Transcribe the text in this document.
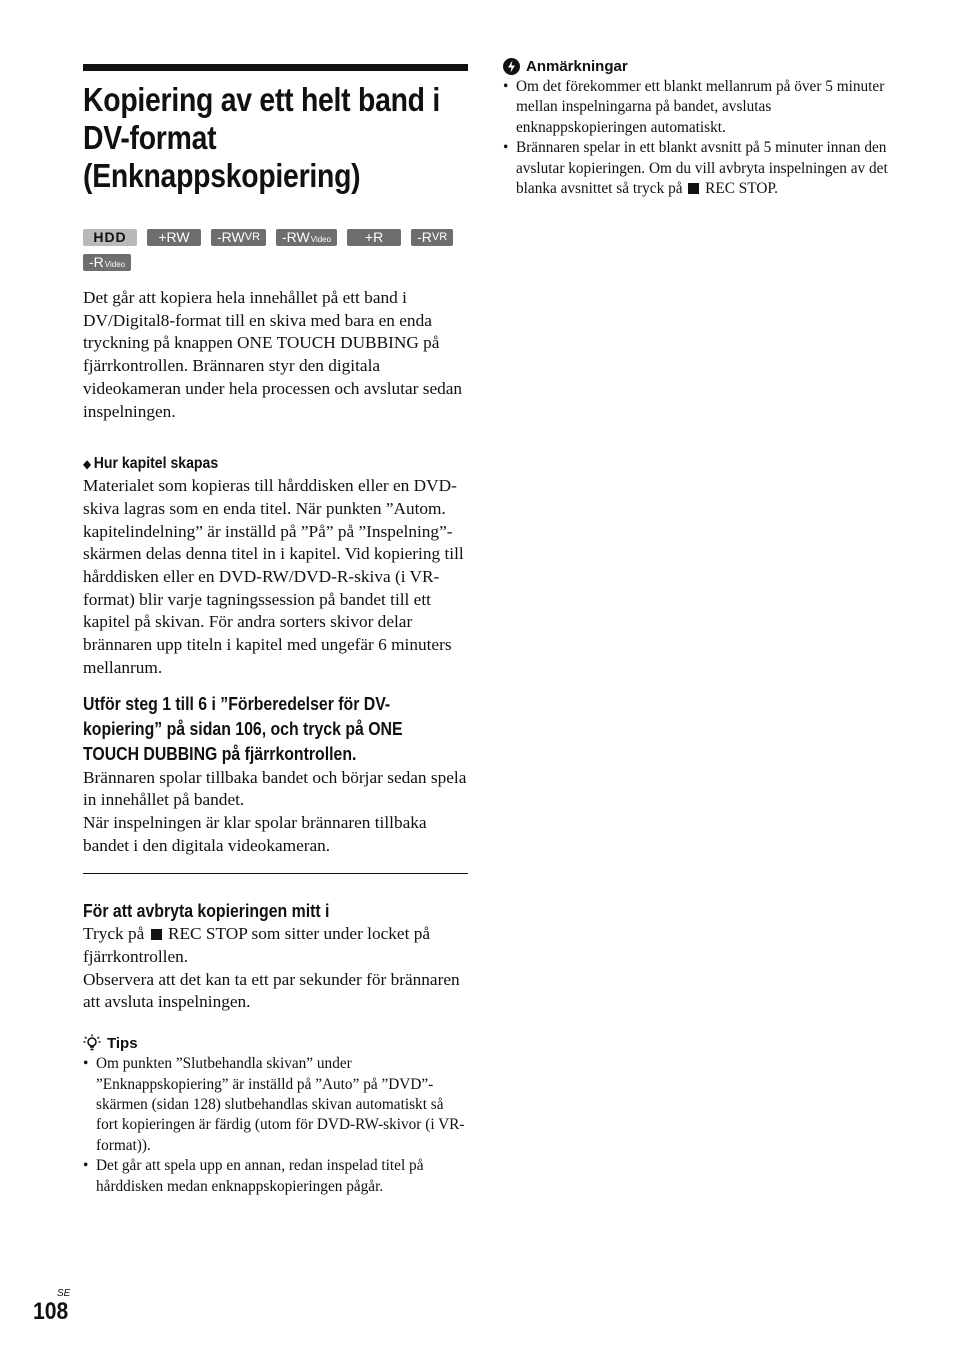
Kopiering av ett helt band i DV-format (Enknappskopiering)
HDD +RW -RW VR -RW Video +R -R VR
-R Video

Det går att kopiera hela innehållet på ett band i DV/Digital8-format till en skiva med bara en enda tryckning på knappen ONE TOUCH DUBBING på fjärrkontrollen. Brännaren styr den digitala videokameran under hela processen och avslutar sedan inspelningen.

◆ Hur kapitel skapas

Materialet som kopieras till hårddisken eller en DVD-skiva lagras som en enda titel. När punkten ”Autom. kapitelindelning” är inställd på ”På” på ”Inspelning”-skärmen delas denna titel in i kapitel. Vid kopiering till hårddisken eller en DVD-RW/DVD-R-skiva (i VR-format) blir varje tagningssession på bandet till ett kapitel på skivan. För andra sorters skivor delar brännaren upp titeln i kapitel med ungefär 6 minuters mellanrum.

Utför steg 1 till 6 i ”Förberedelser för DV-kopiering” på sidan 106, och tryck på ONE TOUCH DUBBING på fjärrkontrollen.

Brännaren spolar tillbaka bandet och börjar sedan spela in innehållet på bandet.

När inspelningen är klar spolar brännaren tillbaka bandet i den digitala videokameran.

För att avbryta kopieringen mitt i

Tryck på REC STOP som sitter under locket på fjärrkontrollen.

Observera att det kan ta ett par sekunder för brännaren att avsluta inspelningen.

Tips
• Om punkten ”Slutbehandla skivan” under ”Enknappskopiering” är inställd på ”Auto” på ”DVD”-skärmen (sidan 128) slutbehandlas skivan automatiskt så fort kopieringen är färdig (utom för DVD-RW-skivor (i VR-format)).
• Det går att spela upp en annan, redan inspelad titel på hårddisken medan enknappskopieringen pågår.
Anmärkningar
• Om det förekommer ett blankt mellanrum på över 5 minuter mellan inspelningarna på bandet, avslutas enknappskopieringen automatiskt.
• Brännaren spelar in ett blankt avsnitt på 5 minuter innan den avslutar kopieringen. Om du vill avbryta inspelningen av det blanka avsnittet så tryck på REC STOP.
SE
108
